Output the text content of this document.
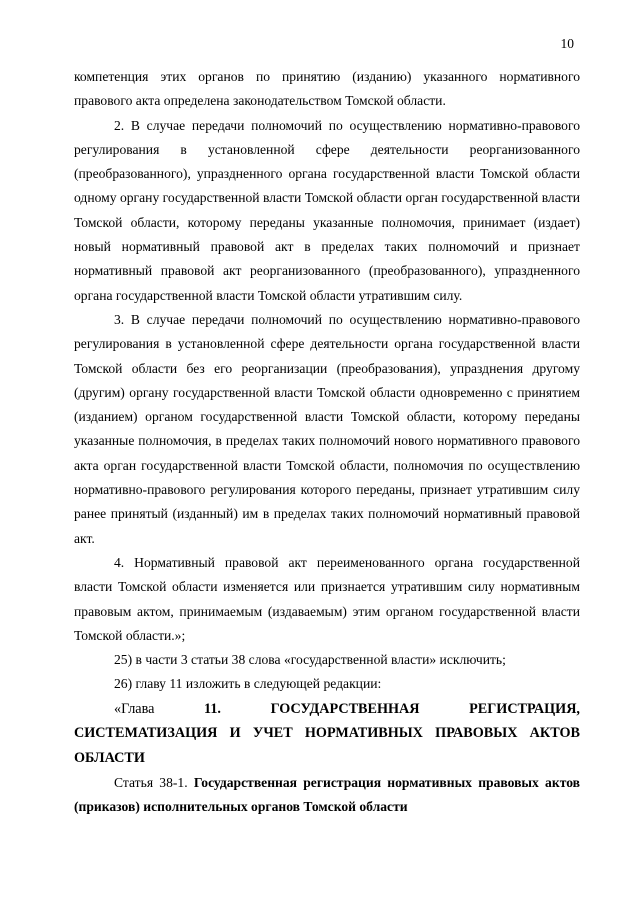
10

компетенция этих органов по принятию (изданию) указанного нормативного правового акта определена законодательством Томской области.

2. В случае передачи полномочий по осуществлению нормативно-правового регулирования в установленной сфере деятельности реорганизованного (преобразованного), упраздненного органа государственной власти Томской области одному органу государственной власти Томской области орган государственной власти Томской области, которому переданы указанные полномочия, принимает (издает) новый нормативный правовой акт в пределах таких полномочий и признает нормативный правовой акт реорганизованного (преобразованного), упраздненного органа государственной власти Томской области утратившим силу.

3. В случае передачи полномочий по осуществлению нормативно-правового регулирования в установленной сфере деятельности органа государственной власти Томской области без его реорганизации (преобразования), упразднения другому (другим) органу государственной власти Томской области одновременно с принятием (изданием) органом государственной власти Томской области, которому переданы указанные полномочия, в пределах таких полномочий нового нормативного правового акта орган государственной власти Томской области, полномочия по осуществлению нормативно-правового регулирования которого переданы, признает утратившим силу ранее принятый (изданный) им в пределах таких полномочий нормативный правовой акт.

4. Нормативный правовой акт переименованного органа государственной власти Томской области изменяется или признается утратившим силу нормативным правовым актом, принимаемым (издаваемым) этим органом государственной власти Томской области.»;

25) в части 3 статьи 38 слова «государственной власти» исключить;

26) главу 11 изложить в следующей редакции:

«Глава	11.	ГОСУДАРСТВЕННАЯ	РЕГИСТРАЦИЯ,
СИСТЕМАТИЗАЦИЯ И УЧЕТ НОРМАТИВНЫХ ПРАВОВЫХ АКТОВ ОБЛАСТИ

Статья 38-1. Государственная регистрация нормативных правовых актов (приказов) исполнительных органов Томской области
